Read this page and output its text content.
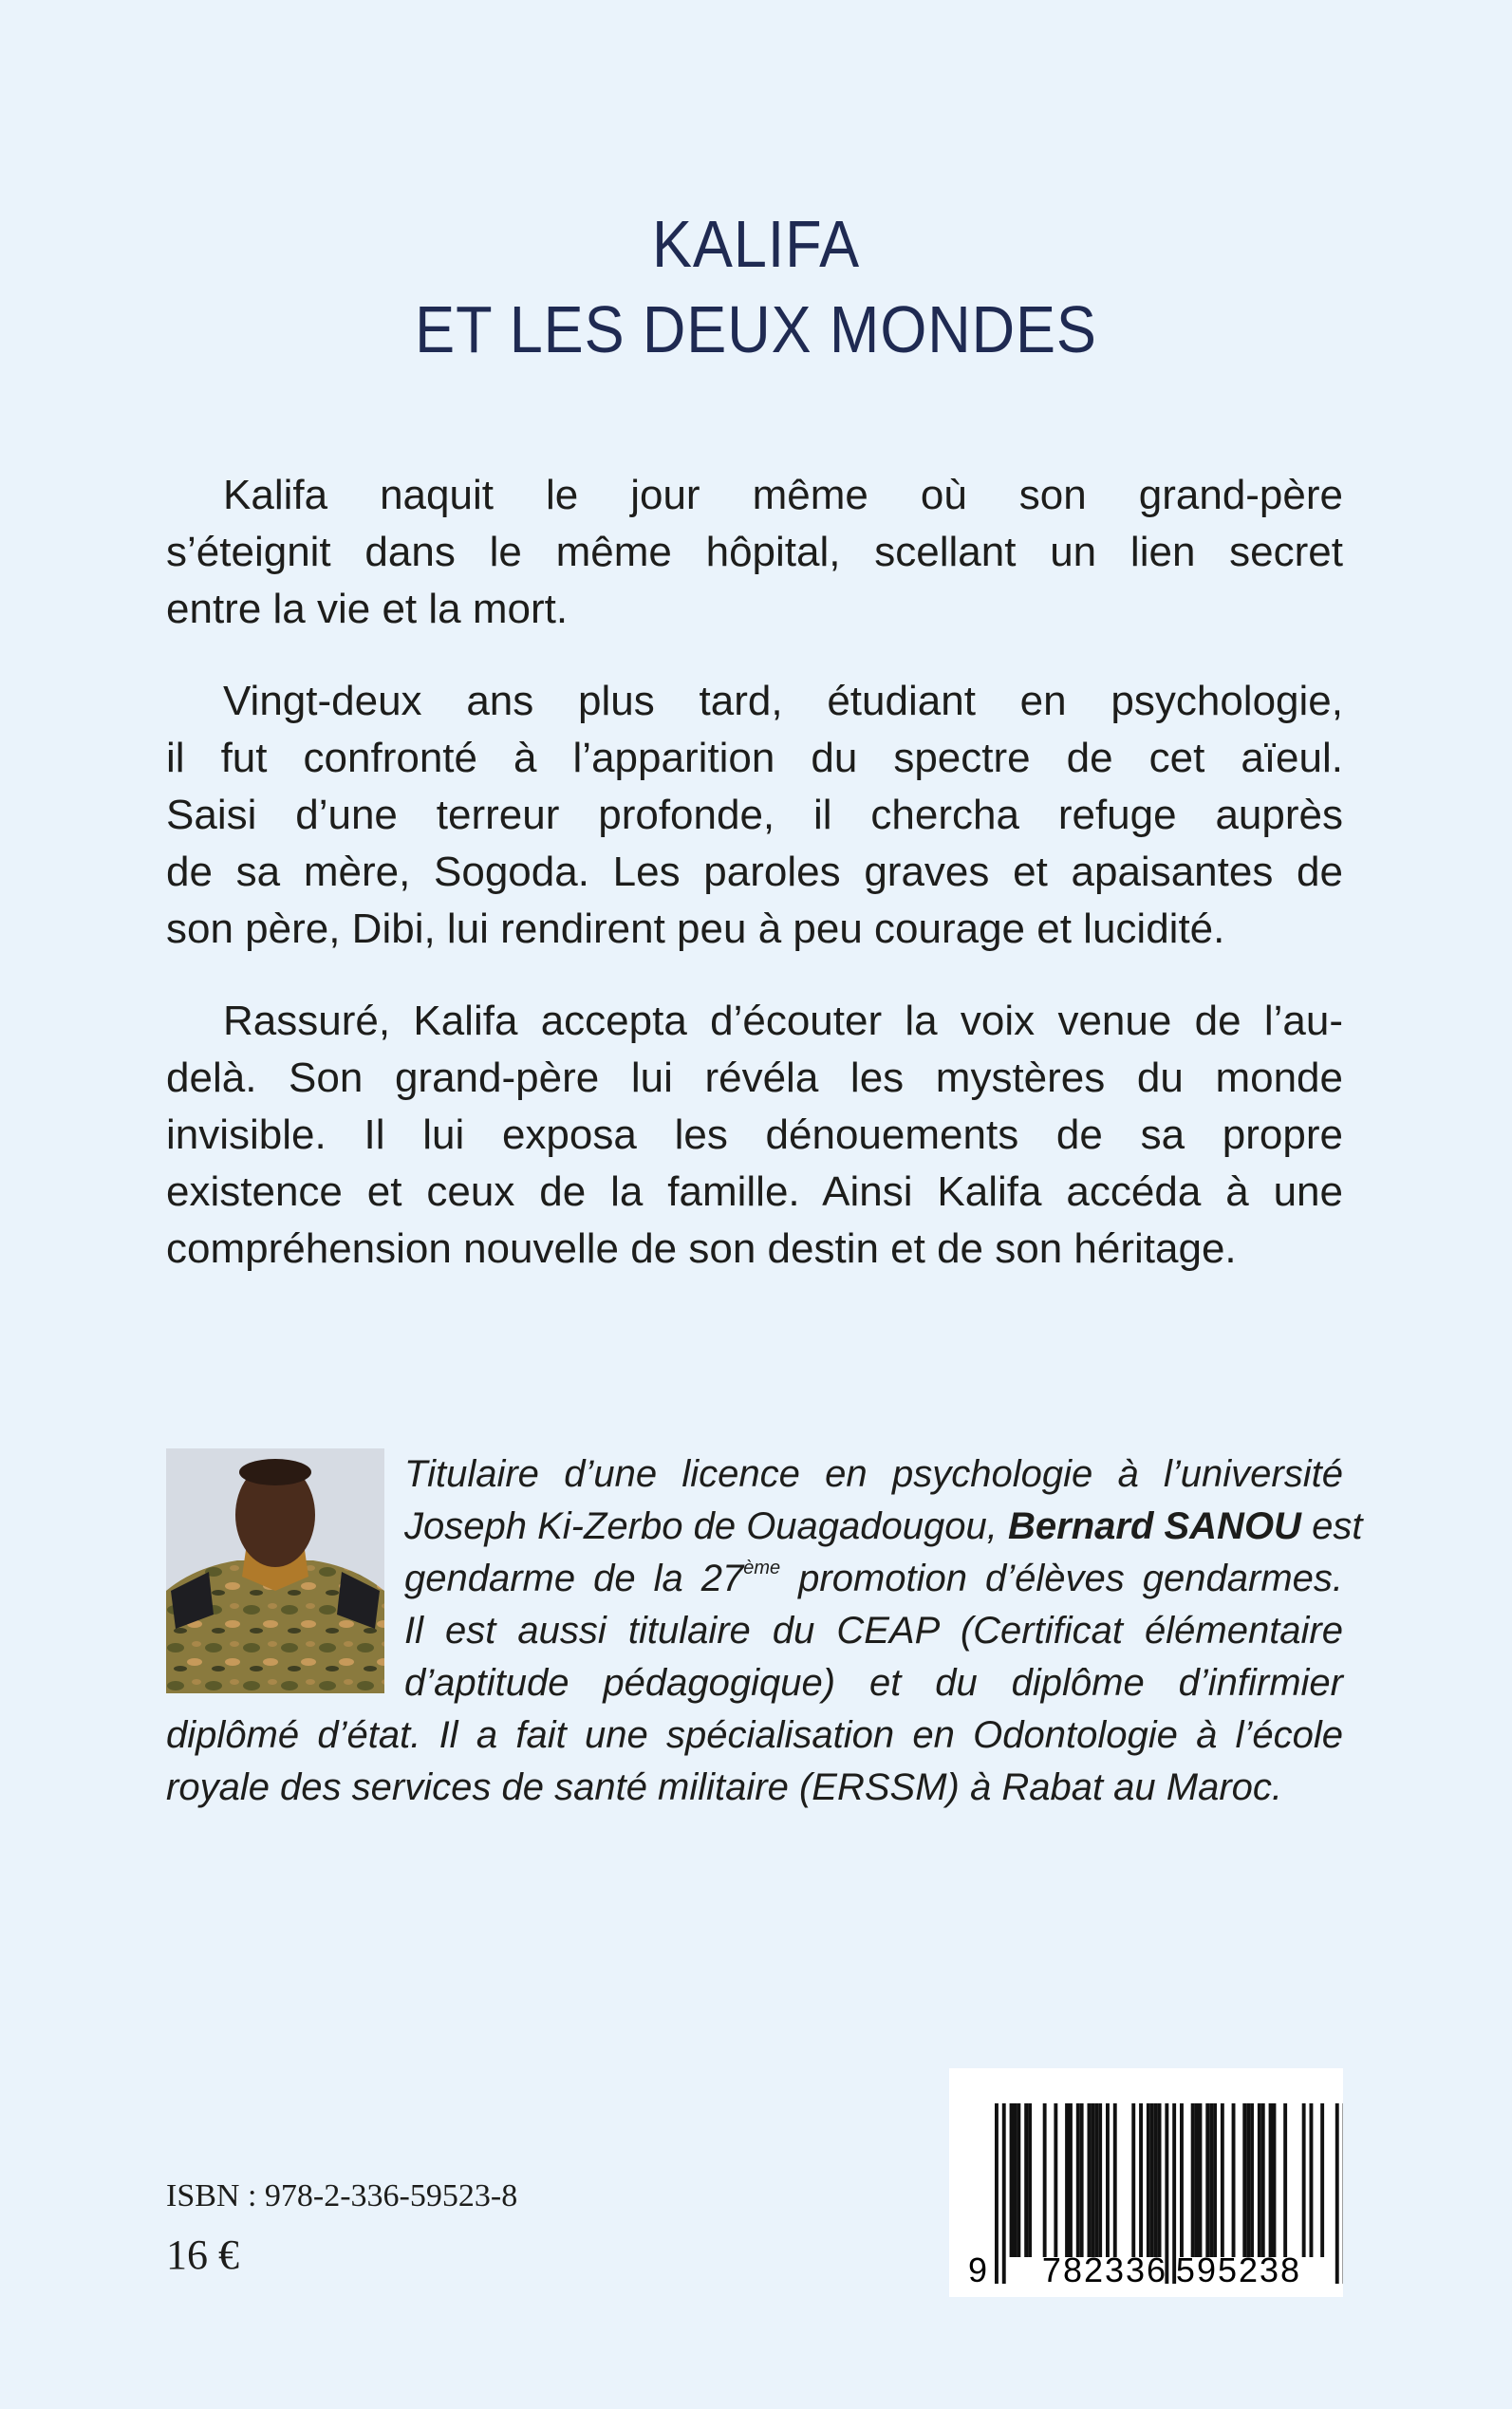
KALIFA
ET LES DEUX MONDES
Kalifa naquit le jour même où son grand-père
s’éteignit dans le même hôpital, scellant un lien secret
entre la vie et la mort.
Vingt-deux ans plus tard, étudiant en psychologie,
il fut confronté à l’apparition du spectre de cet aïeul.
Saisi d’une terreur profonde, il chercha refuge auprès
de sa mère, Sogoda. Les paroles graves et apaisantes de
son père, Dibi, lui rendirent peu à peu courage et lucidité.
Rassuré, Kalifa accepta d’écouter la voix venue de l’au-
delà. Son grand-père lui révéla les mystères du monde
invisible. Il lui exposa les dénouements de sa propre
existence et ceux de la famille. Ainsi Kalifa accéda à une
compréhension nouvelle de son destin et de son héritage.
Titulaire d’une licence en psychologie à l’université
Joseph Ki-Zerbo de Ouagadougou, Bernard SANOU est
gendarme de la 27ème promotion d’élèves gendarmes.
Il est aussi titulaire du CEAP (Certificat élémentaire
d’aptitude pédagogique) et du diplôme d’infirmier
diplômé d’état. Il a fait une spécialisation en Odontologie à l’école
royale des services de santé militaire (ERSSM) à Rabat au Maroc.
ISBN : 978-2-336-59523-8
16 €	9 782336 595238
